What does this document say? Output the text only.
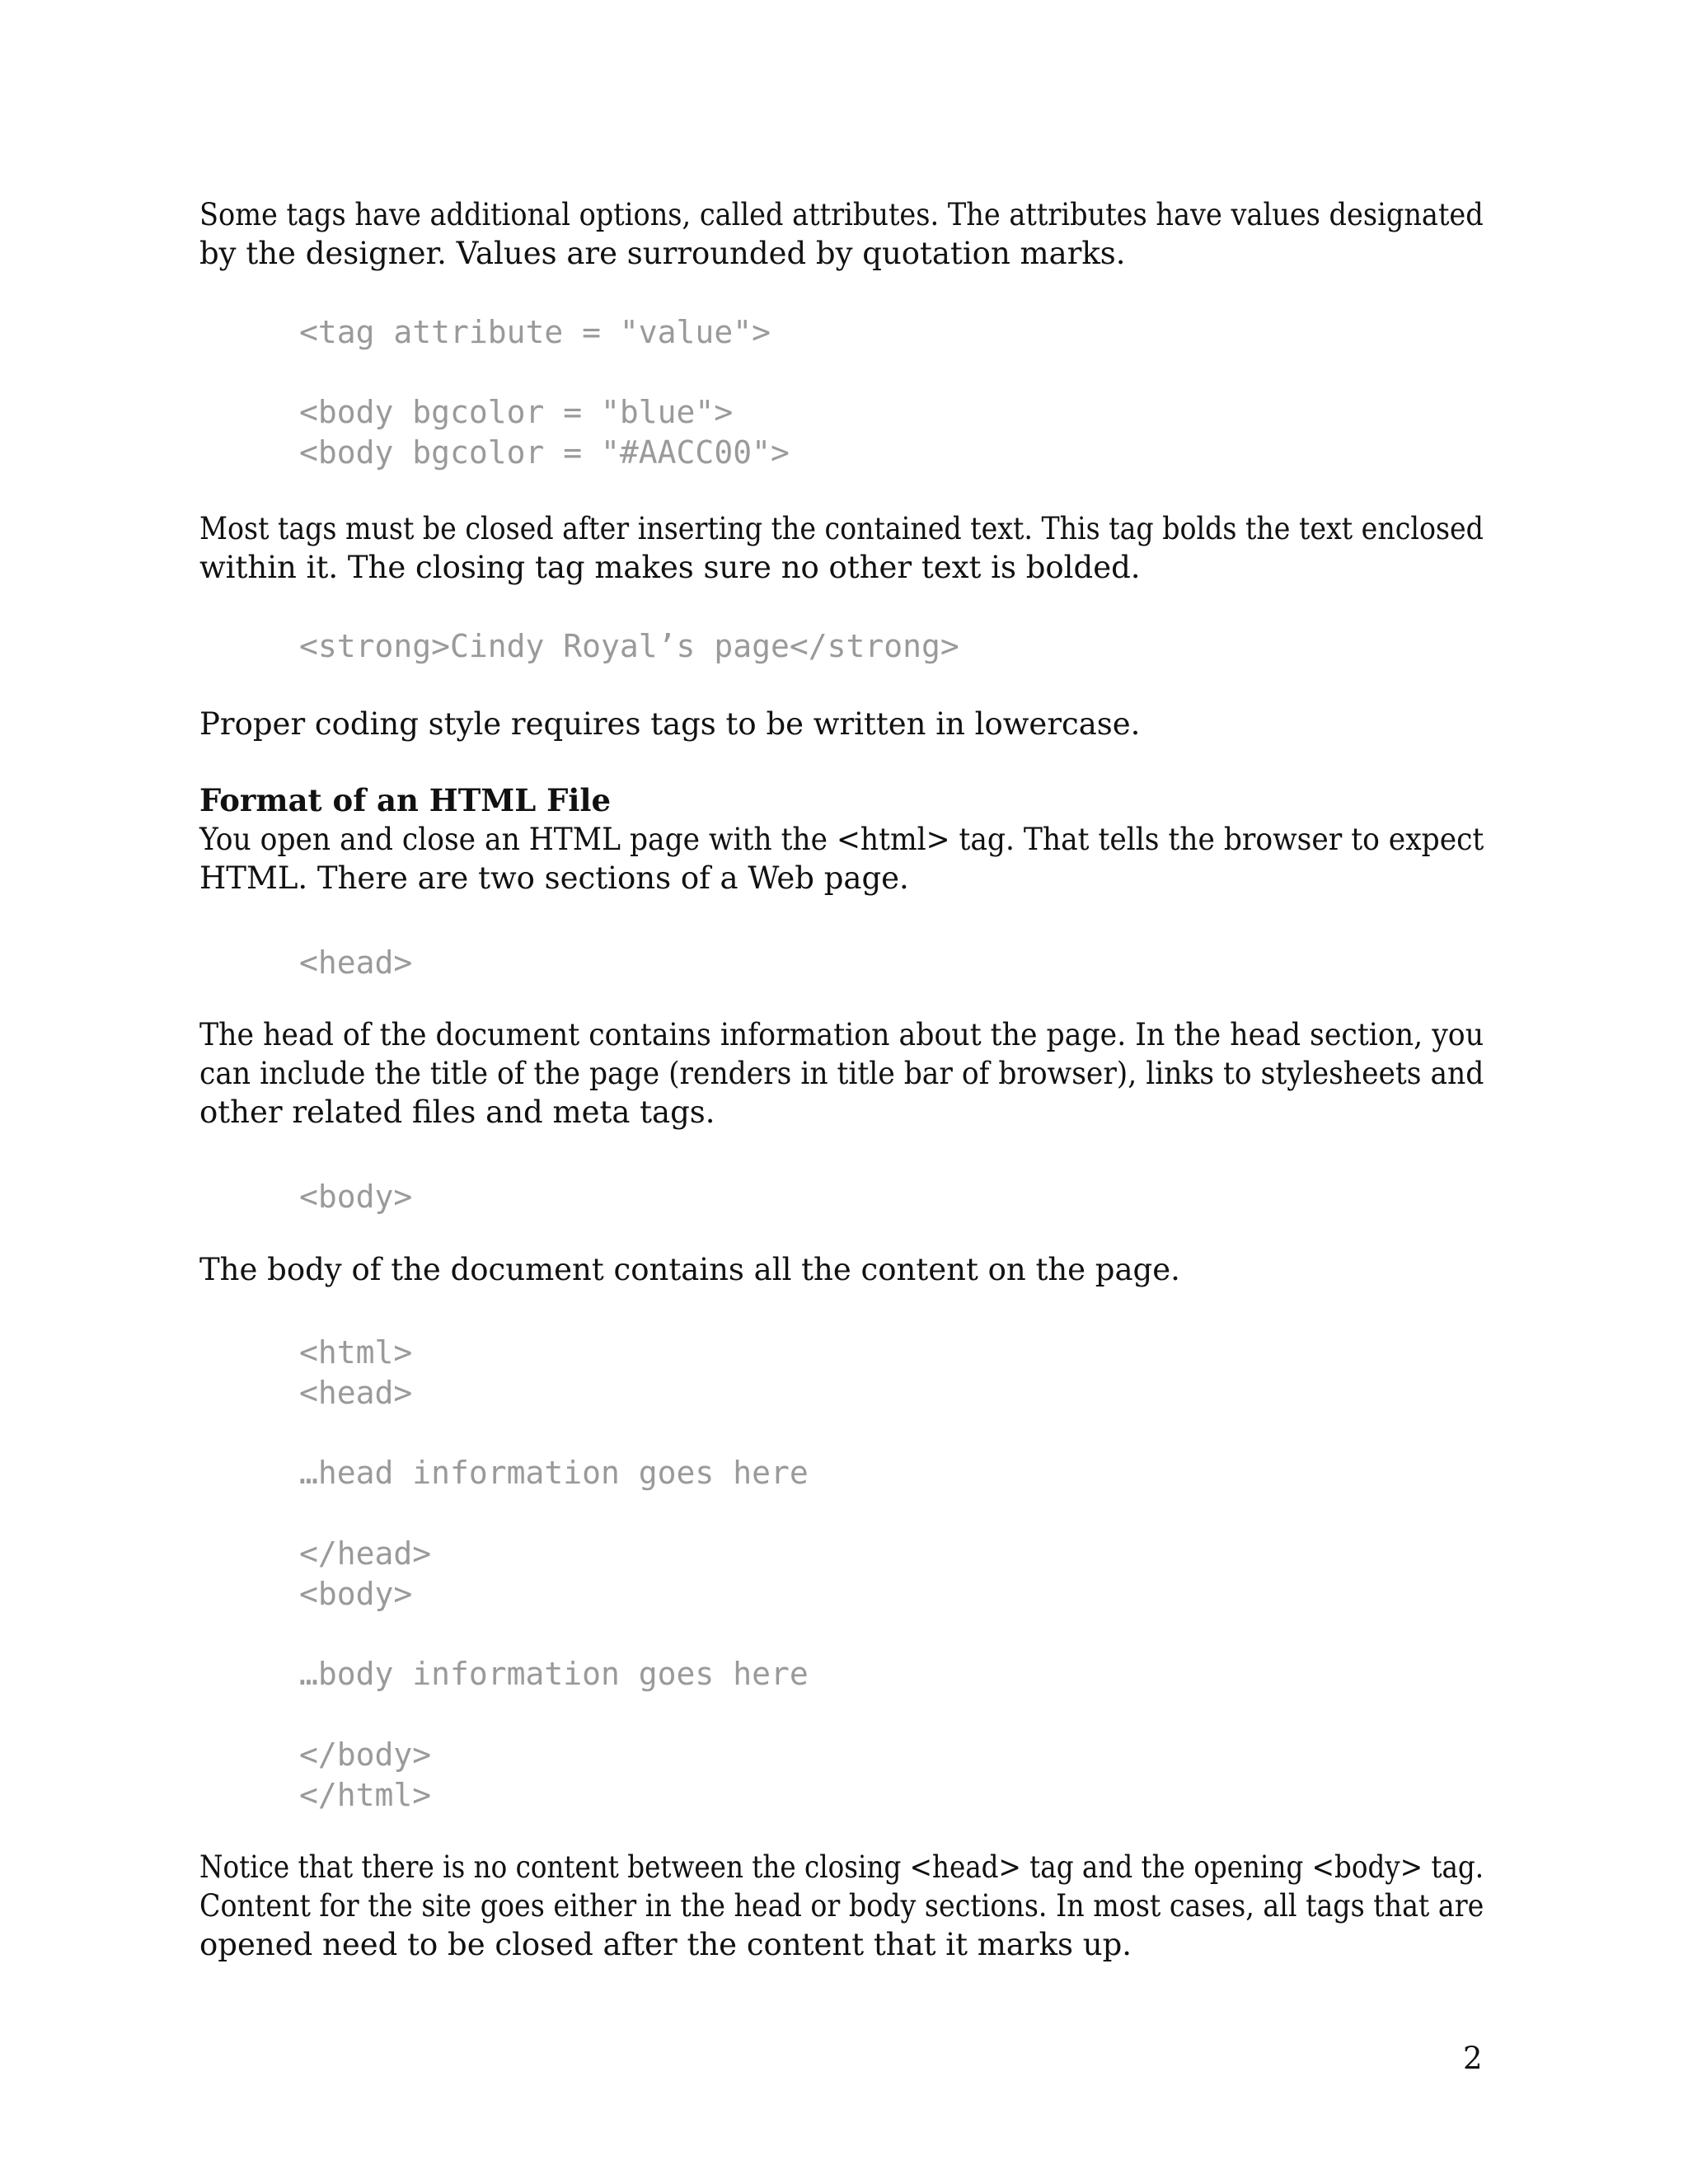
Some tags have additional options, called attributes. The attributes have values designated

by the designer. Values are surrounded by quotation marks.

<tag attribute = "value">

<body bgcolor = "blue">

<body bgcolor = "#AACC00">

Most tags must be closed after inserting the contained text. This tag bolds the text enclosed

within it. The closing tag makes sure no other text is bolded.

<strong>Cindy Royal’s page</strong>

Proper coding style requires tags to be written in lowercase.

Format of an HTML File

You open and close an HTML page with the <html> tag. That tells the browser to expect

HTML. There are two sections of a Web page.

<head>

The head of the document contains information about the page. In the head section, you

can include the title of the page (renders in title bar of browser), links to stylesheets and

other related files and meta tags.

<body>

The body of the document contains all the content on the page.

<html>

<head>

…head information goes here

</head>

<body>

…body information goes here

</body>

</html>

Notice that there is no content between the closing <head> tag and the opening <body> tag.

Content for the site goes either in the head or body sections. In most cases, all tags that are

opened need to be closed after the content that it marks up.

2
